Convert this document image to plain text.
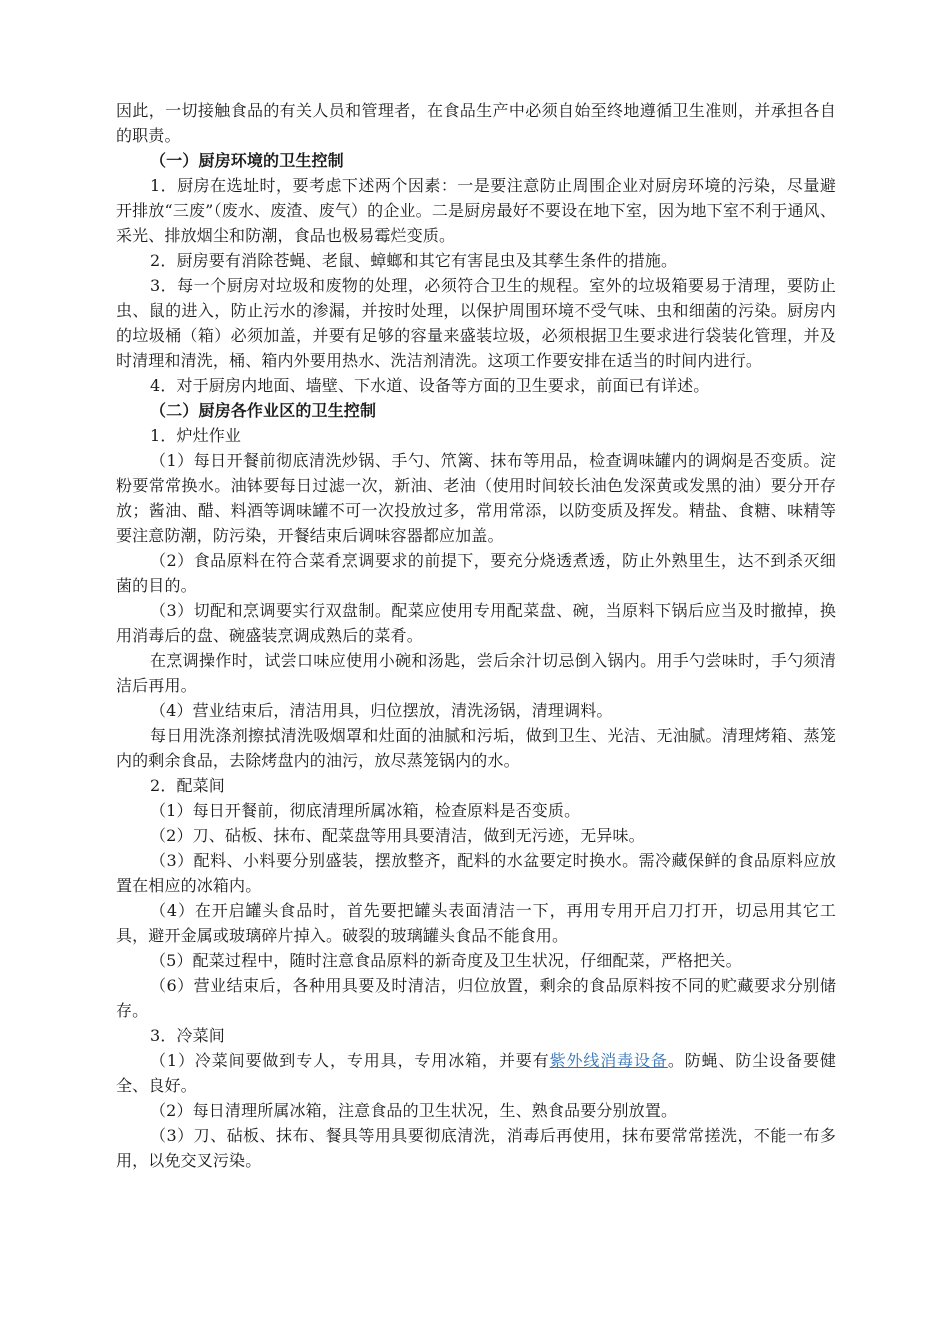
因此，一切接触食品的有关人员和管理者，在食品生产中必须自始至终地遵循卫生准则，并承担各自的职责。

（一）厨房环境的卫生控制

1．厨房在选址时，要考虑下述两个因素：一是要注意防止周围企业对厨房环境的污染，尽量避开排放“三废”（废水、废渣、废气）的企业。二是厨房最好不要设在地下室，因为地下室不利于通风、采光、排放烟尘和防潮，食品也极易霉烂变质。

2．厨房要有消除苍蝇、老鼠、蟑螂和其它有害昆虫及其孳生条件的措施。

3．每一个厨房对垃圾和废物的处理，必须符合卫生的规程。室外的垃圾箱要易于清理，要防止虫、鼠的进入，防止污水的渗漏，并按时处理，以保护周围环境不受气味、虫和细菌的污染。厨房内的垃圾桶（箱）必须加盖，并要有足够的容量来盛装垃圾，必须根据卫生要求进行袋装化管理，并及时清理和清洗，桶、箱内外要用热水、洗洁剂清洗。这项工作要安排在适当的时间内进行。

4．对于厨房内地面、墙壁、下水道、设备等方面的卫生要求，前面已有详述。

（二）厨房各作业区的卫生控制

1．炉灶作业

（1）每日开餐前彻底清洗炒锅、手勺、笊篱、抹布等用品，检查调味罐内的调焖是否变质。淀粉要常常换水。油钵要每日过滤一次，新油、老油（使用时间较长油色发深黄或发黑的油）要分开存放；酱油、醋、料酒等调味罐不可一次投放过多，常用常添，以防变质及挥发。精盐、食糖、味精等要注意防潮，防污染，开餐结束后调味容器都应加盖。

（2）食品原料在符合菜肴烹调要求的前提下，要充分烧透煮透，防止外熟里生，达不到杀灭细菌的目的。

（3）切配和烹调要实行双盘制。配菜应使用专用配菜盘、碗，当原料下锅后应当及时撤掉，换用消毒后的盘、碗盛装烹调成熟后的菜肴。

在烹调操作时，试尝口味应使用小碗和汤匙，尝后余汁切忌倒入锅内。用手勺尝味时，手勺须清洁后再用。

（4）营业结束后，清洁用具，归位摆放，清洗汤锅，清理调料。

每日用洗涤剂擦拭清洗吸烟罩和灶面的油腻和污垢，做到卫生、光洁、无油腻。清理烤箱、蒸笼内的剩余食品，去除烤盘内的油污，放尽蒸笼锅内的水。

2．配菜间

（1）每日开餐前，彻底清理所属冰箱，检查原料是否变质。

（2）刀、砧板、抹布、配菜盘等用具要清洁，做到无污迹，无异味。

（3）配料、小料要分别盛装，摆放整齐，配料的水盆要定时换水。需冷藏保鲜的食品原料应放置在相应的冰箱内。

（4）在开启罐头食品时，首先要把罐头表面清洁一下，再用专用开启刀打开，切忌用其它工具，避开金属或玻璃碎片掉入。破裂的玻璃罐头食品不能食用。

（5）配菜过程中，随时注意食品原料的新奇度及卫生状况，仔细配菜，严格把关。

（6）营业结束后，各种用具要及时清洁，归位放置，剩余的食品原料按不同的贮藏要求分别储存。

3．冷菜间

（1）冷菜间要做到专人，专用具，专用冰箱，并要有紫外线消毒设备。防蝇、防尘设备要健全、良好。

（2）每日清理所属冰箱，注意食品的卫生状况，生、熟食品要分别放置。

（3）刀、砧板、抹布、餐具等用具要彻底清洗，消毒后再使用，抹布要常常搓洗，不能一布多用，以免交叉污染。
